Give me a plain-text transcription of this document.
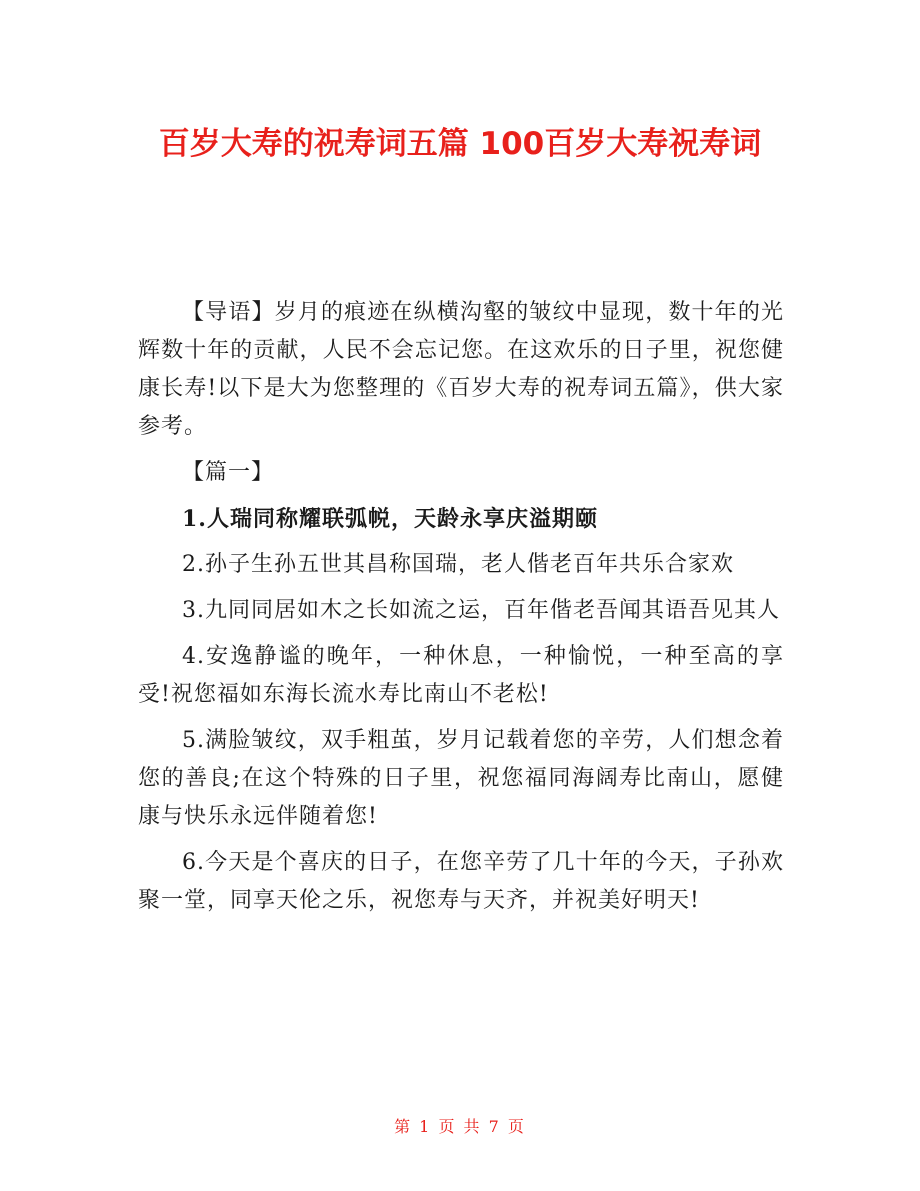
百岁大寿的祝寿词五篇 100百岁大寿祝寿词

【导语】岁月的痕迹在纵横沟壑的皱纹中显现，数十年的光辉数十年的贡献，人民不会忘记您。在这欢乐的日子里，祝您健康长寿!以下是大为您整理的《百岁大寿的祝寿词五篇》，供大家参考。

【篇一】

1.人瑞同称耀联弧帨，天龄永享庆溢期颐

2.孙子生孙五世其昌称国瑞，老人偕老百年共乐合家欢

3.九同同居如木之长如流之运，百年偕老吾闻其语吾见其人

4.安逸静谧的晚年，一种休息，一种愉悦，一种至高的享受!祝您福如东海长流水寿比南山不老松!

5.满脸皱纹，双手粗茧，岁月记载着您的辛劳，人们想念着您的善良;在这个特殊的日子里，祝您福同海阔寿比南山，愿健康与快乐永远伴随着您!

6.今天是个喜庆的日子，在您辛劳了几十年的今天，子孙欢聚一堂，同享天伦之乐，祝您寿与天齐，并祝美好明天!

第 1 页 共 7 页
